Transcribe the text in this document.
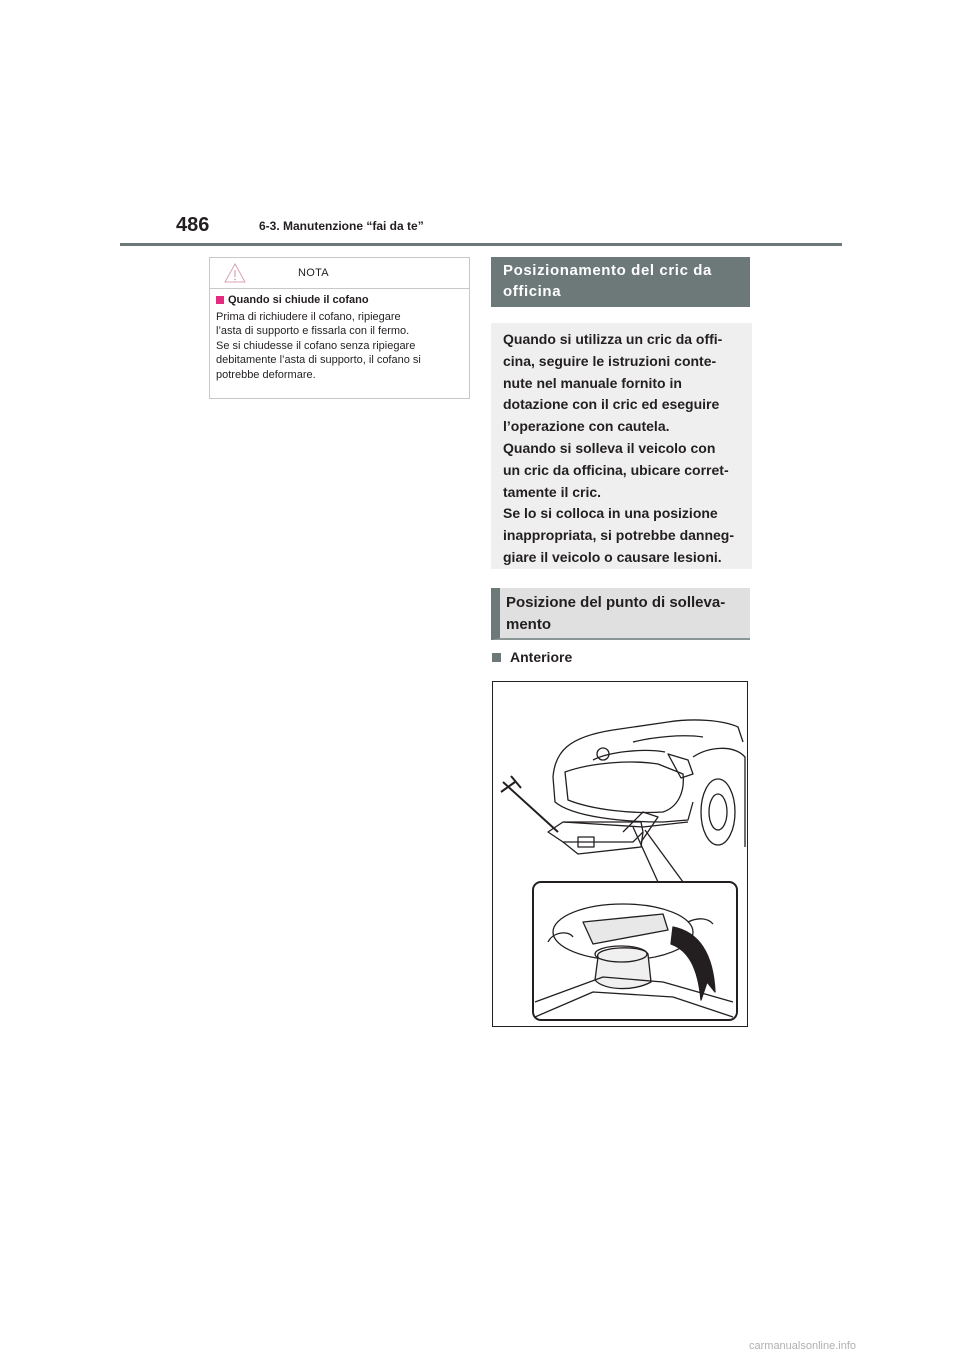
486	6-3. Manutenzione “fai da te”
NOTA
Quando si chiude il cofano
Prima di richiudere il cofano, ripiegare
l’asta di supporto e fissarla con il fermo.
Se si chiudesse il cofano senza ripiegare
debitamente l’asta di supporto, il cofano si
potrebbe deformare.
Posizionamento del cric da
officina
Quando si utilizza un cric da offi-
cina, seguire le istruzioni conte-
nute nel manuale fornito in
dotazione con il cric ed eseguire
l’operazione con cautela.
Quando si solleva il veicolo con
un cric da officina, ubicare corret-
tamente il cric.
Se lo si colloca in una posizione
inappropriata, si potrebbe danneg-
giare il veicolo o causare lesioni.
Posizione del punto di solleva-
mento
Anteriore
carmanualsonline.info
